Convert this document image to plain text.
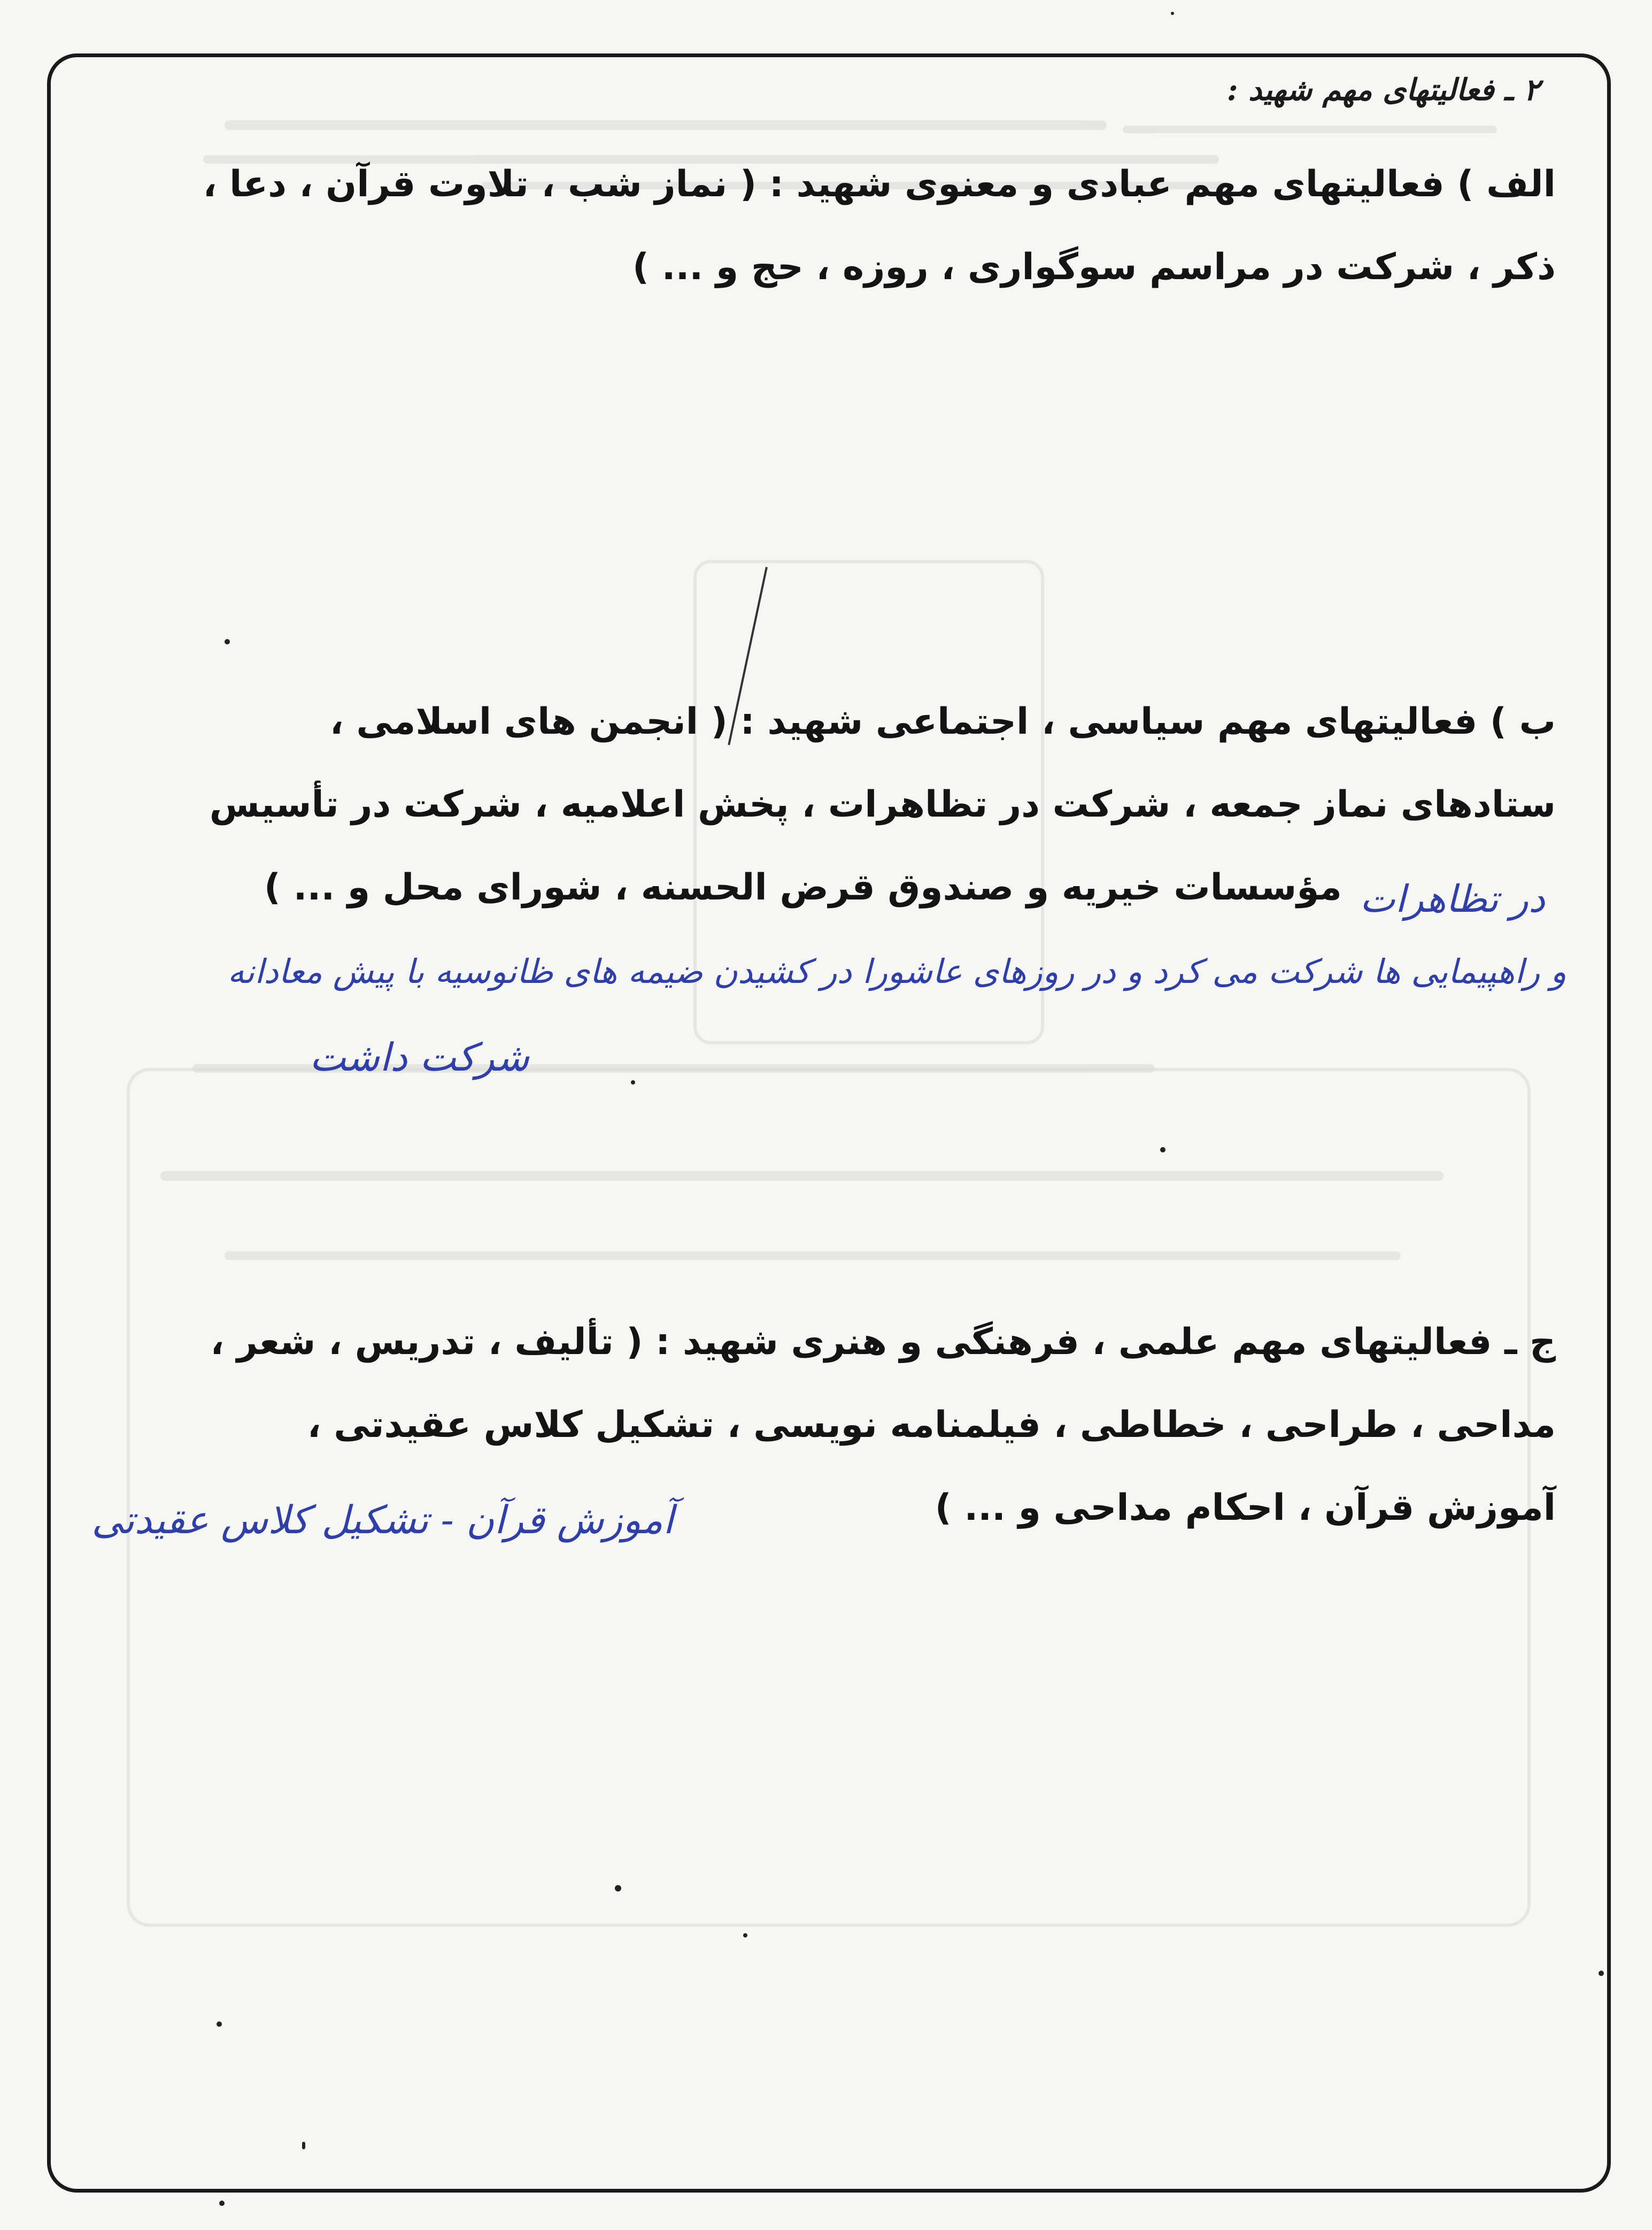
۲ ـ فعالیتهای مهم شهید :
الف ) فعالیتهای مهم عبادی و معنوی شهید : ( نماز شب ، تلاوت قرآن ، دعا ،
ذکر ، شرکت در مراسم سوگواری ، روزه ، حج و ... )
ب ) فعالیتهای مهم سیاسی ، اجتماعی شهید : ( انجمن های اسلامی ،
ستادهای نماز جمعه ، شرکت در تظاهرات ، پخش اعلامیه ، شرکت در تأسیس
مؤسسات خیریه و صندوق قرض الحسنه ، شورای محل و ... ) در تظاهرات
و راهپیمایی ها شرکت می کرد و در روزهای عاشورا در کشیدن ضیمه های ظانوسیه با پیش معادانه
شرکت داشت
ج ـ فعالیتهای مهم علمی ، فرهنگی و هنری شهید : ( تألیف ، تدریس ، شعر ،
مداحی ، طراحی ، خطاطی ، فیلمنامه نویسی ، تشکیل کلاس عقیدتی ،
آموزش قرآن ، احکام مداحی و ... )
آموزش قرآن - تشکیل کلاس عقیدتی
